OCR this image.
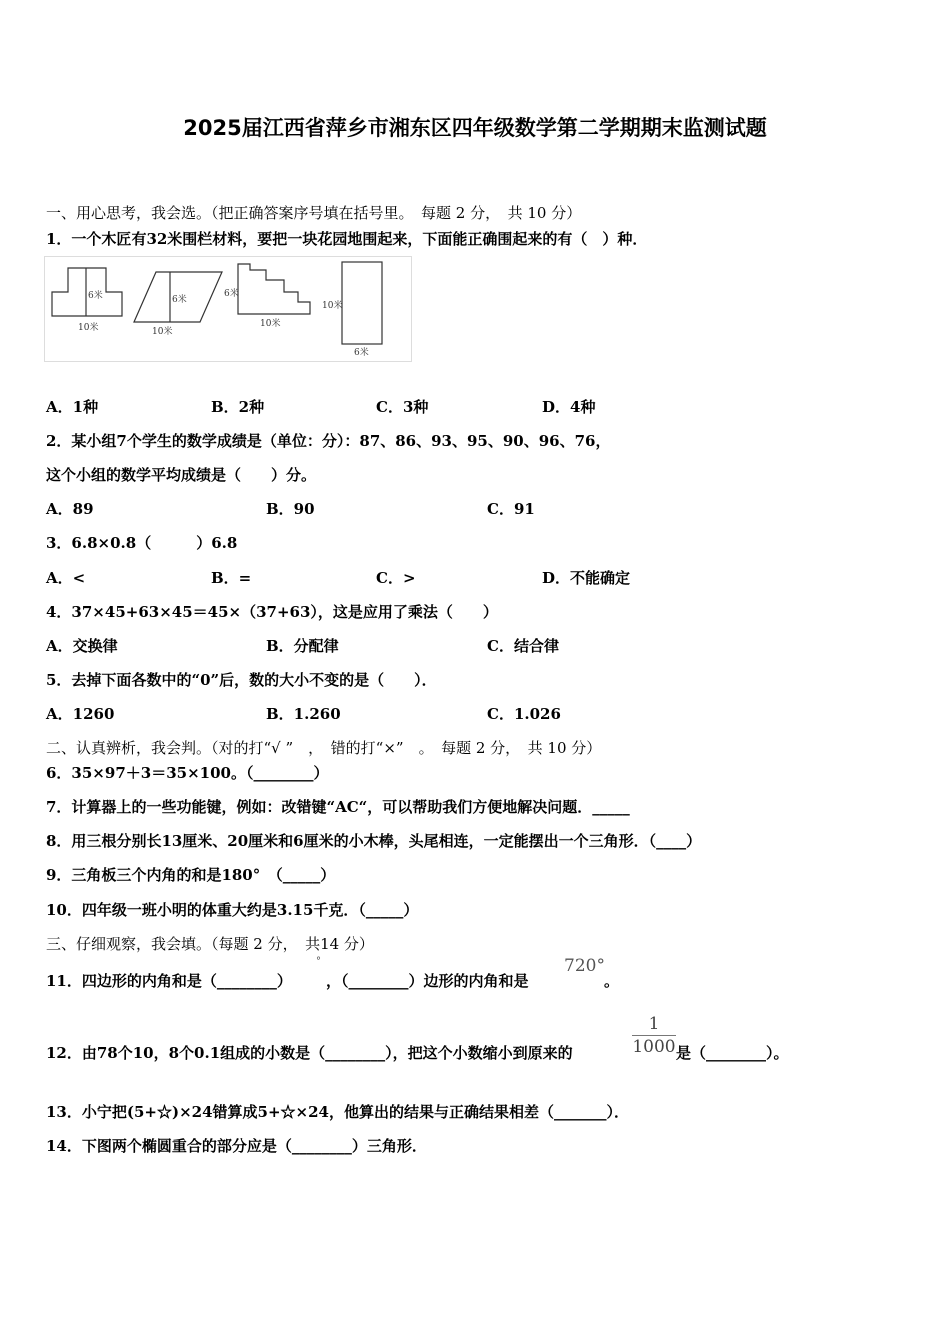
2025届江西省萍乡市湘东区四年级数学第二学期期末监测试题
一、用心思考，我会选。（把正确答案序号填在括号里。　每题 2 分，　共 10 分）
1．一个木匠有32米围栏材料，要把一块花园地围起来，下面能正确围起来的有（　）种．
6米
10米
6米
10米
6米
10米
10米
6米
A．1种	B．2种	C．3种	D．4种
2．某小组7个学生的数学成绩是（单位：分）：87、86、93、95、90、96、76，
这个小组的数学平均成绩是（　　）分。
A．89	B．90	C．91
3．6.8×0.8（　　　）6.8
A．<	B．=	C．>	D．不能确定
4．37×45+63×45＝45×（37+63），这是应用了乘法（　　）
A．交换律	B．分配律	C．结合律
5．去掉下面各数中的“0”后，数的大小不变的是（　　）．
A．1260	B．1.260	C．1.026
二、认真辨析，我会判。（对的打“√ ”　，　错的打“×”　。　每题 2 分，　共 10 分）
6．35×97＋3＝35×100。（________）
7．计算器上的一些功能键，例如：改错键“AC“，可以帮助我们方便地解决问题．_____
8．用三根分别长13厘米、20厘米和6厘米的小木棒，头尾相连，一定能摆出一个三角形．（____）
9．三角板三个内角的和是180°　（_____）
10．四年级一班小明的体重大约是3.15千克．（_____）
三、仔细观察，我会填。（每题 2 分，　共14 分）
11．四边形的内角和是（________）
°
，（________）边形的内角和是
720°
。
12．由78个10，8个0.1组成的小数是（________），把这个小数缩小到原来的	$\frac{1}{1000}$ 是（________）。
13．小宁把(5+☆)×24错算成5+☆×24，他算出的结果与正确结果相差（_______）．
14．下图两个椭圆重合的部分应是（________）三角形．
